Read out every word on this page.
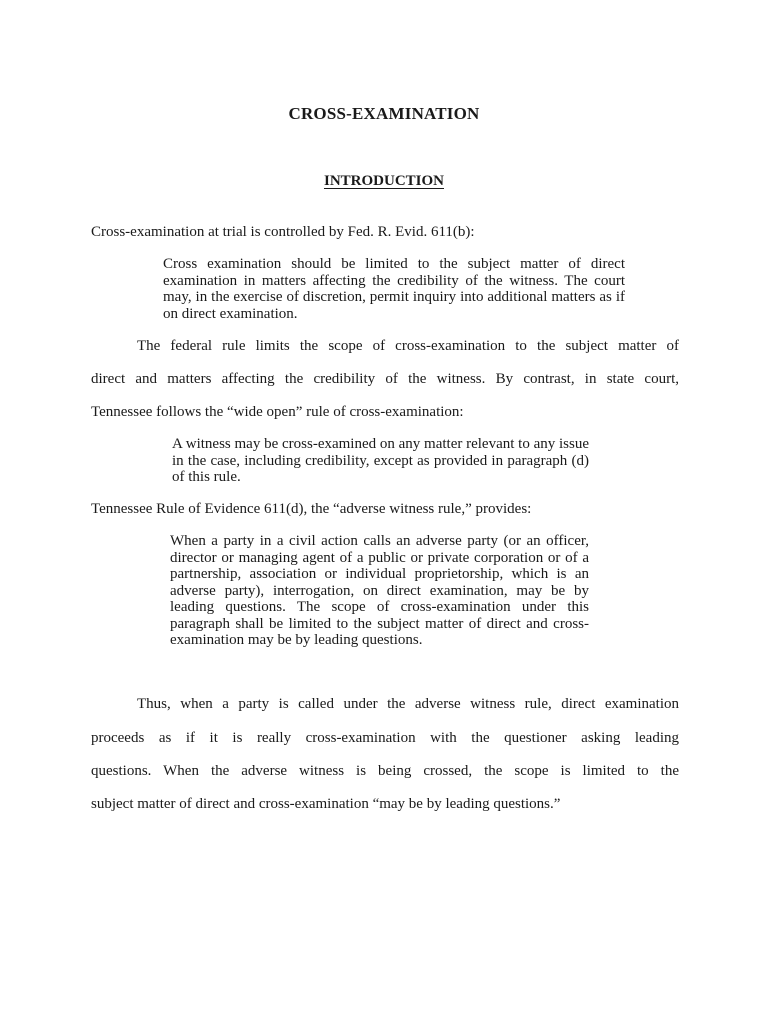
CROSS-EXAMINATION
INTRODUCTION
Cross-examination at trial is controlled by Fed. R. Evid. 611(b):
Cross examination should be limited to the subject matter of direct examination in matters affecting the credibility of the witness. The court may, in the exercise of discretion, permit inquiry into additional matters as if on direct examination.
The federal rule limits the scope of cross-examination to the subject matter of
direct and matters affecting the credibility of the witness. By contrast, in state court,
Tennessee follows the “wide open” rule of cross-examination:
A witness may be cross-examined on any matter relevant to any issue in the case, including credibility, except as provided in paragraph (d) of this rule.
Tennessee Rule of Evidence 611(d), the “adverse witness rule,” provides:
When a party in a civil action calls an adverse party (or an officer, director or managing agent of a public or private corporation or of a partnership, association or individual proprietorship, which is an adverse party), interrogation, on direct examination, may be by leading questions. The scope of cross-examination under this paragraph shall be limited to the subject matter of direct and cross-examination may be by leading questions.
Thus, when a party is called under the adverse witness rule, direct examination
proceeds as if it is really cross-examination with the questioner asking leading
questions. When the adverse witness is being crossed, the scope is limited to the
subject matter of direct and cross-examination “may be by leading questions.”
